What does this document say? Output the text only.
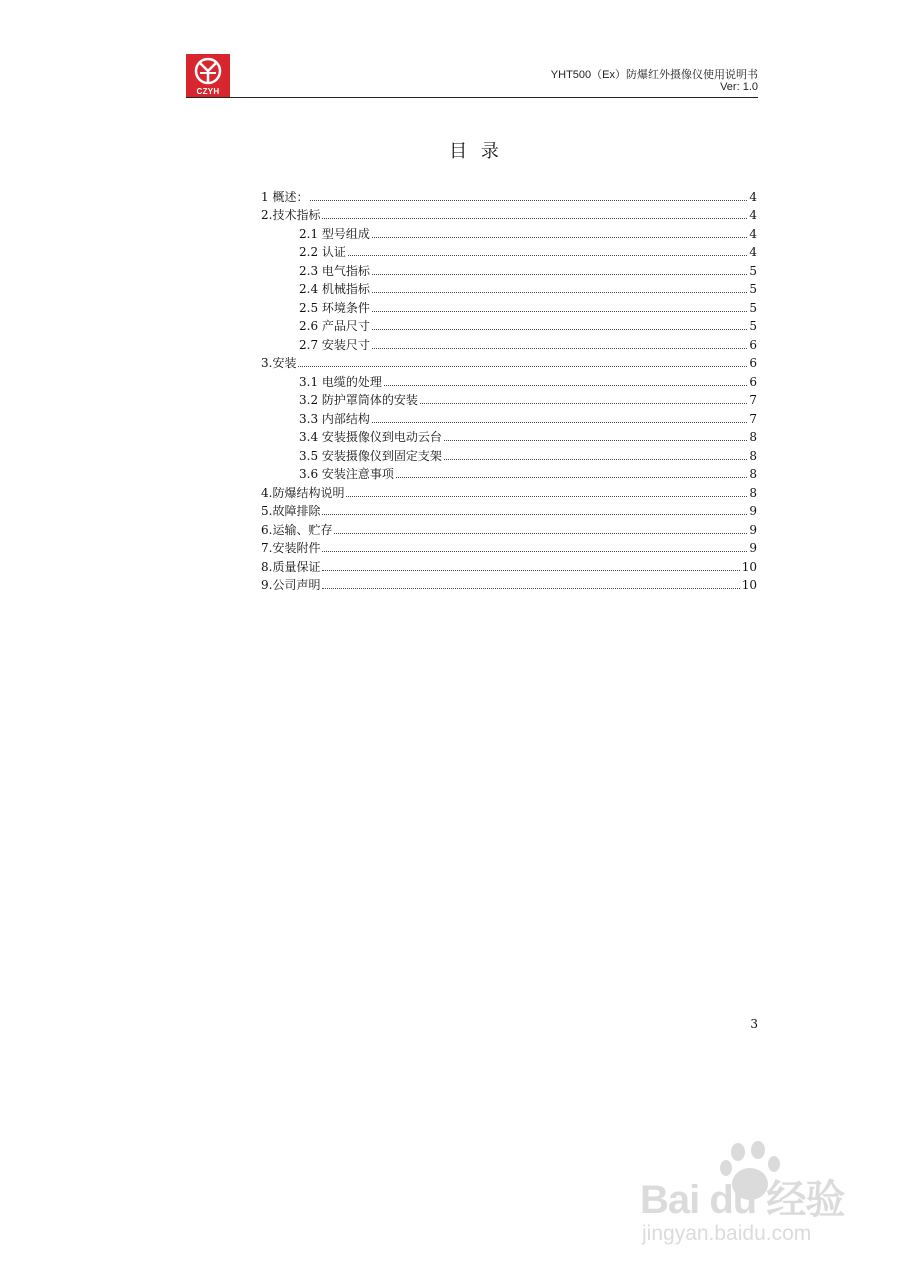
CZYH
YHT500（Ex）防爆红外摄像仪使用说明书
Ver: 1.0
目 录
1 概述：	4
2.技术指标	4
2.1 型号组成	4
2.2 认证	4
2.3 电气指标	5
2.4 机械指标	5
2.5 环境条件	5
2.6 产品尺寸	5
2.7 安装尺寸	6
3.安装	6
3.1 电缆的处理	6
3.2 防护罩筒体的安装	7
3.3 内部结构	7
3.4 安装摄像仪到电动云台	8
3.5 安装摄像仪到固定支架	8
3.6 安装注意事项	8
4.防爆结构说明	8
5.故障排除	9
6.运输、贮存	9
7.安装附件	9
8.质量保证	10
9.公司声明	10
3
Bai du 经验
jingyan.baidu.com
